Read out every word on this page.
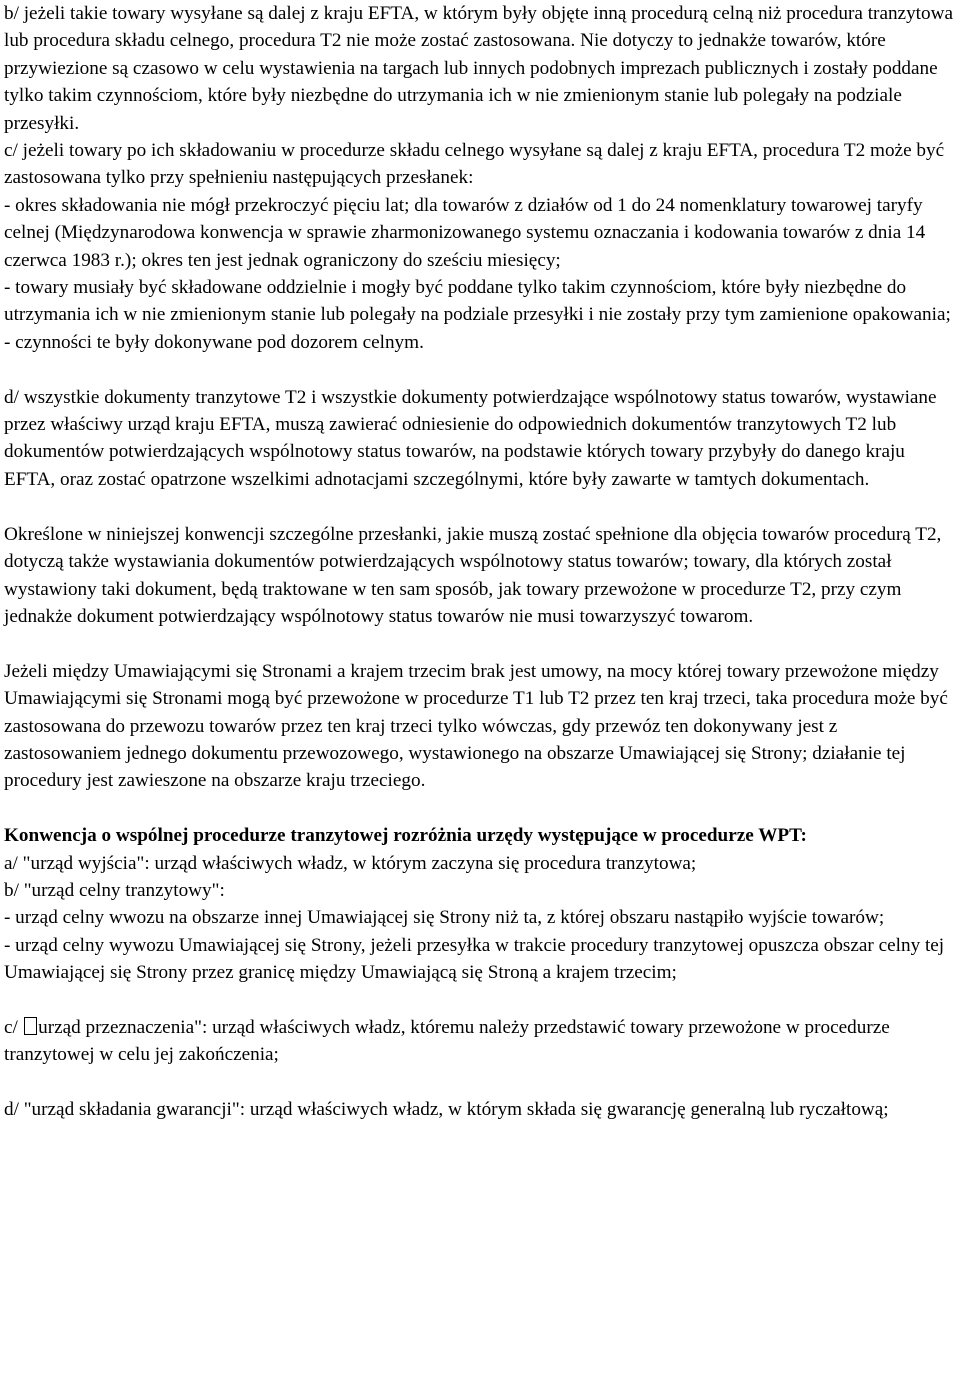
b/ jeżeli takie towary wysyłane są dalej z kraju EFTA, w którym były objęte inną procedurą celną niż procedura tranzytowa lub procedura składu celnego, procedura T2 nie może zostać zastosowana. Nie dotyczy to jednakże towarów, które przywiezione są czasowo w celu wystawienia na targach lub innych podobnych imprezach publicznych i zostały poddane tylko takim czynnościom, które były niezbędne do utrzymania ich w nie zmienionym stanie lub polegały na podziale przesyłki.
c/ jeżeli towary po ich składowaniu w procedurze składu celnego wysyłane są dalej z kraju EFTA, procedura T2 może być zastosowana tylko przy spełnieniu następujących przesłanek:
- okres składowania nie mógł przekroczyć pięciu lat; dla towarów z działów od 1 do 24 nomenklatury towarowej taryfy celnej (Międzynarodowa konwencja w sprawie zharmonizowanego systemu oznaczania i kodowania towarów z dnia 14 czerwca 1983 r.); okres ten jest jednak ograniczony do sześciu miesięcy;
- towary musiały być składowane oddzielnie i mogły być poddane tylko takim czynnościom, które były niezbędne do utrzymania ich w nie zmienionym stanie lub polegały na podziale przesyłki i nie zostały przy tym zamienione opakowania;
- czynności te były dokonywane pod dozorem celnym.

d/ wszystkie dokumenty tranzytowe T2 i wszystkie dokumenty potwierdzające wspólnotowy status towarów, wystawiane przez właściwy urząd kraju EFTA, muszą zawierać odniesienie do odpowiednich dokumentów tranzytowych T2 lub dokumentów potwierdzających wspólnotowy status towarów, na podstawie których towary przybyły do danego kraju EFTA, oraz zostać opatrzone wszelkimi adnotacjami szczególnymi, które były zawarte w tamtych dokumentach.

Określone w niniejszej konwencji szczególne przesłanki, jakie muszą zostać spełnione dla objęcia towarów procedurą T2, dotyczą także wystawiania dokumentów potwierdzających wspólnotowy status towarów; towary, dla których został wystawiony taki dokument, będą traktowane w ten sam sposób, jak towary przewożone w procedurze T2, przy czym jednakże dokument potwierdzający wspólnotowy status towarów nie musi towarzyszyć towarom.

Jeżeli między Umawiającymi się Stronami a krajem trzecim brak jest umowy, na mocy której towary przewożone między Umawiającymi się Stronami mogą być przewożone w procedurze T1 lub T2 przez ten kraj trzeci, taka procedura może być zastosowana do przewozu towarów przez ten kraj trzeci tylko wówczas, gdy przewóz ten dokonywany jest z zastosowaniem jednego dokumentu przewozowego, wystawionego na obszarze Umawiającej się Strony; działanie tej procedury jest zawieszone na obszarze kraju trzeciego.

Konwencja o wspólnej procedurze tranzytowej rozróżnia urzędy występujące w procedurze WPT:
a/ "urząd wyjścia": urząd właściwych władz, w którym zaczyna się procedura tranzytowa;
b/ "urząd celny tranzytowy":
- urząd celny wwozu na obszarze innej Umawiającej się Strony niż ta, z której obszaru nastąpiło wyjście towarów;
- urząd celny wywozu Umawiającej się Strony, jeżeli przesyłka w trakcie procedury tranzytowej opuszcza obszar celny tej Umawiającej się Strony przez granicę między Umawiającą się Stroną a krajem trzecim;

c/ urząd przeznaczenia": urząd właściwych władz, któremu należy przedstawić towary przewożone w procedurze tranzytowej w celu jej zakończenia;

d/ "urząd składania gwarancji": urząd właściwych władz, w którym składa się gwarancję generalną lub ryczałtową;
